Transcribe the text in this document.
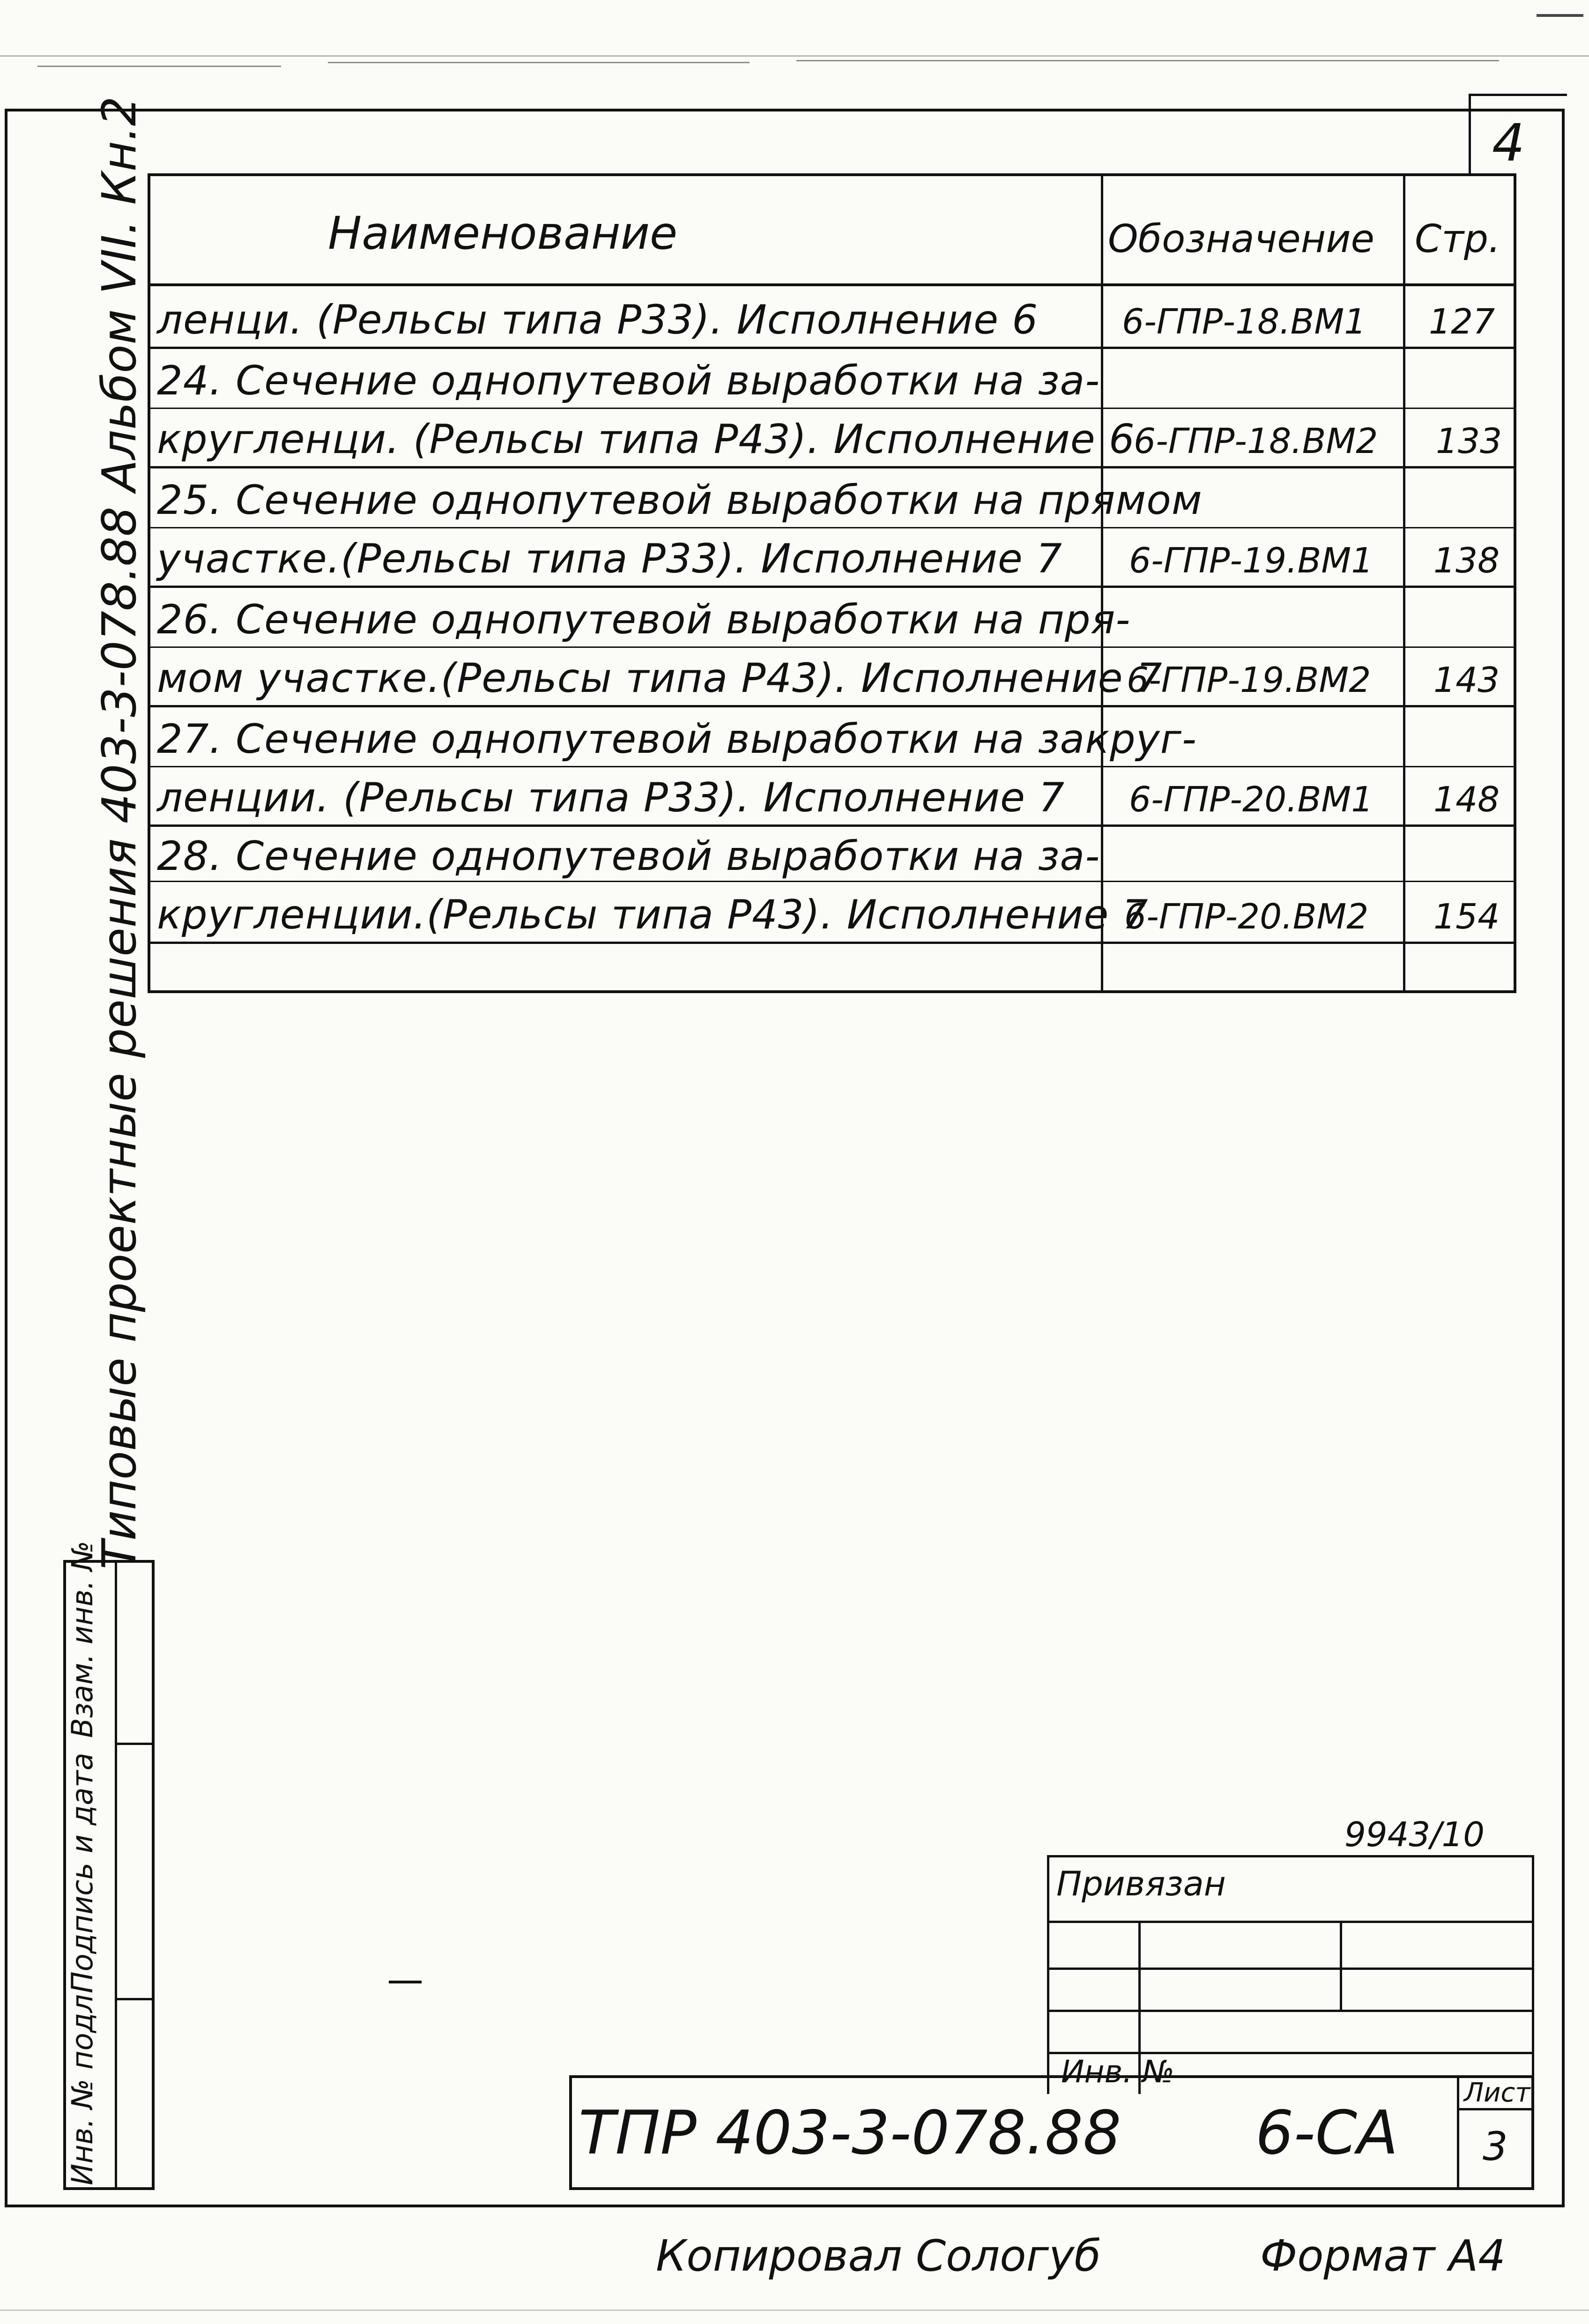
4
Наименование	Обозначение Стр.
ленци. (Рельсы типа Р33). Исполнение 6 6-ГПР-18.ВМ1 127
24. Сечение однопутевой выработки на за-
кругленци. (Рельсы типа Р43). Исполнение 6
6-ГПР-18.ВМ2 133
25. Сечение однопутевой выработки на прямом
участке.(Рельсы типа Р33). Исполнение 7 6-ГПР-19.ВМ1 138
26. Сечение однопутевой выработки на пря-
мом участке.(Рельсы типа Р43). Исполнение 7
6-ГПР-19.ВМ2 143
27. Сечение однопутевой выработки на закруг-
ленции. (Рельсы типа Р33). Исполнение 7 6-ГПР-20.ВМ1 148
28. Сечение однопутевой выработки на за-
кругленции.(Рельсы типа Р43). Исполнение 7
6-ГПР-20.ВМ2 154
Типовые проектные решения 403-3-078.88 Альбом VII. Кн.2
Взам. инв. №
Подпись и дата
Инв. № подл.
9943/10
Привязан
Инв. №
ТПР 403-3-078.88 6-СА
Лист
3
Копировал Сологуб	Формат А4
